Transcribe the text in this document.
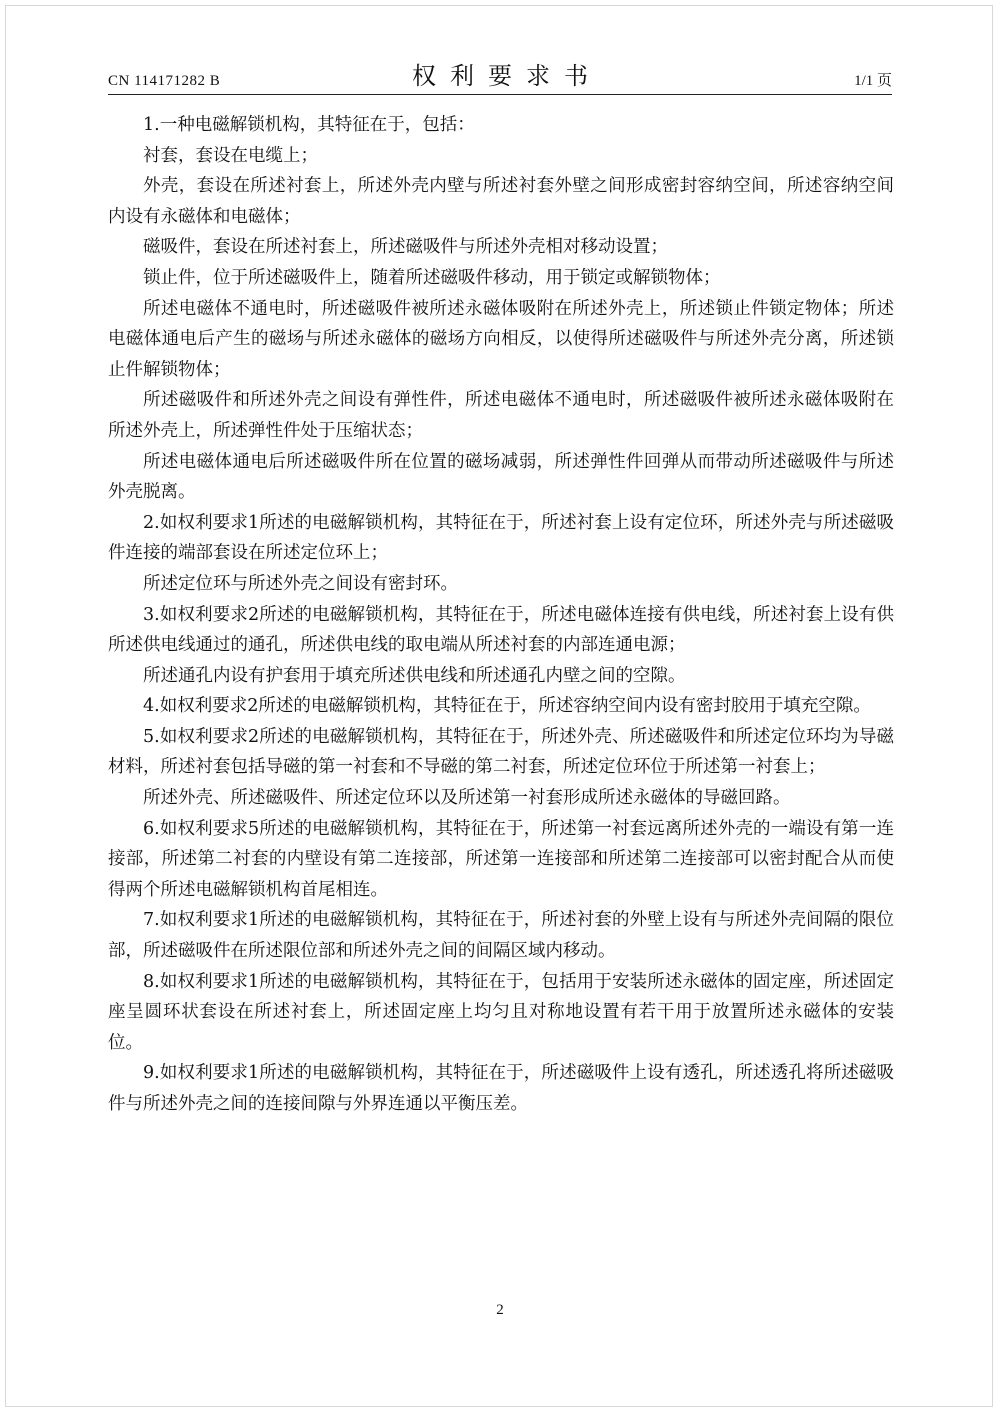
CN 114171282 B	权利要求书	1/1 页

1.一种电磁解锁机构，其特征在于，包括：

衬套，套设在电缆上；

外壳，套设在所述衬套上，所述外壳内壁与所述衬套外壁之间形成密封容纳空间，所述容纳空间内设有永磁体和电磁体；

磁吸件，套设在所述衬套上，所述磁吸件与所述外壳相对移动设置；

锁止件，位于所述磁吸件上，随着所述磁吸件移动，用于锁定或解锁物体；

所述电磁体不通电时，所述磁吸件被所述永磁体吸附在所述外壳上，所述锁止件锁定物体；所述电磁体通电后产生的磁场与所述永磁体的磁场方向相反，以使得所述磁吸件与所述外壳分离，所述锁止件解锁物体；

所述磁吸件和所述外壳之间设有弹性件，所述电磁体不通电时，所述磁吸件被所述永磁体吸附在所述外壳上，所述弹性件处于压缩状态；

所述电磁体通电后所述磁吸件所在位置的磁场减弱，所述弹性件回弹从而带动所述磁吸件与所述外壳脱离。

2.如权利要求1所述的电磁解锁机构，其特征在于，所述衬套上设有定位环，所述外壳与所述磁吸件连接的端部套设在所述定位环上；

所述定位环与所述外壳之间设有密封环。

3.如权利要求2所述的电磁解锁机构，其特征在于，所述电磁体连接有供电线，所述衬套上设有供所述供电线通过的通孔，所述供电线的取电端从所述衬套的内部连通电源；

所述通孔内设有护套用于填充所述供电线和所述通孔内壁之间的空隙。

4.如权利要求2所述的电磁解锁机构，其特征在于，所述容纳空间内设有密封胶用于填充空隙。

5.如权利要求2所述的电磁解锁机构，其特征在于，所述外壳、所述磁吸件和所述定位环均为导磁材料，所述衬套包括导磁的第一衬套和不导磁的第二衬套，所述定位环位于所述第一衬套上；

所述外壳、所述磁吸件、所述定位环以及所述第一衬套形成所述永磁体的导磁回路。

6.如权利要求5所述的电磁解锁机构，其特征在于，所述第一衬套远离所述外壳的一端设有第一连接部，所述第二衬套的内壁设有第二连接部，所述第一连接部和所述第二连接部可以密封配合从而使得两个所述电磁解锁机构首尾相连。

7.如权利要求1所述的电磁解锁机构，其特征在于，所述衬套的外壁上设有与所述外壳间隔的限位部，所述磁吸件在所述限位部和所述外壳之间的间隔区域内移动。

8.如权利要求1所述的电磁解锁机构，其特征在于，包括用于安装所述永磁体的固定座，所述固定座呈圆环状套设在所述衬套上，所述固定座上均匀且对称地设置有若干用于放置所述永磁体的安装位。

9.如权利要求1所述的电磁解锁机构，其特征在于，所述磁吸件上设有透孔，所述透孔将所述磁吸件与所述外壳之间的连接间隙与外界连通以平衡压差。

2
